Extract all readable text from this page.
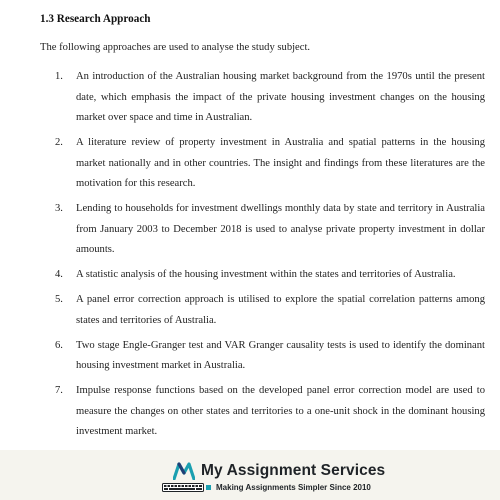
1.3 Research Approach
The following approaches are used to analyse the study subject.
1. An introduction of the Australian housing market background from the 1970s until the present date, which emphasis the impact of the private housing investment changes on the housing market over space and time in Australian.
2. A literature review of property investment in Australia and spatial patterns in the housing market nationally and in other countries. The insight and findings from these literatures are the motivation for this research.
3. Lending to households for investment dwellings monthly data by state and territory in Australia from January 2003 to December 2018 is used to analyse private property investment in dollar amounts.
4. A statistic analysis of the housing investment within the states and territories of Australia.
5. A panel error correction approach is utilised to explore the spatial correlation patterns among states and territories of Australia.
6. Two stage Engle-Granger test and VAR Granger causality tests is used to identify the dominant housing investment market in Australia.
7. Impulse response functions based on the developed panel error correction model are used to measure the changes on other states and territories to a one-unit shock in the dominant housing investment market.
My Assignment Services
Making Assignments Simpler Since 2010
